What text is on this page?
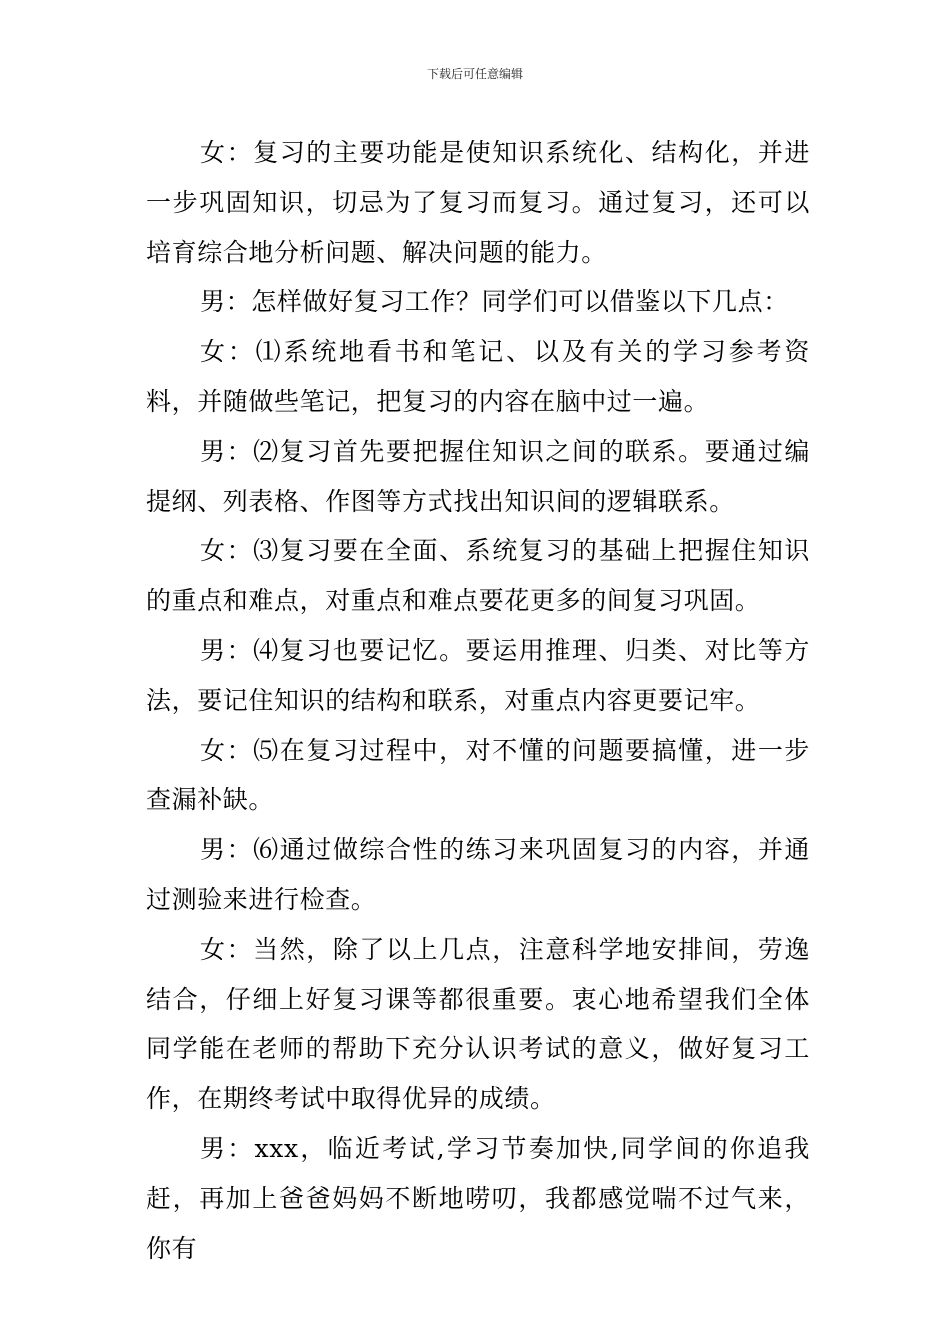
下载后可任意编辑

女：复习的主要功能是使知识系统化、结构化，并进一步巩固知识，切忌为了复习而复习。通过复习，还可以培育综合地分析问题、解决问题的能力。

男：怎样做好复习工作？同学们可以借鉴以下几点：

女：⑴系统地看书和笔记、以及有关的学习参考资料，并随做些笔记，把复习的内容在脑中过一遍。

男：⑵复习首先要把握住知识之间的联系。要通过编提纲、列表格、作图等方式找出知识间的逻辑联系。

女：⑶复习要在全面、系统复习的基础上把握住知识的重点和难点，对重点和难点要花更多的间复习巩固。

男：⑷复习也要记忆。要运用推理、归类、对比等方法，要记住知识的结构和联系，对重点内容更要记牢。

女：⑸在复习过程中，对不懂的问题要搞懂，进一步查漏补缺。

男：⑹通过做综合性的练习来巩固复习的内容，并通过测验来进行检查。

女：当然，除了以上几点，注意科学地安排间，劳逸结合，仔细上好复习课等都很重要。衷心地希望我们全体同学能在老师的帮助下充分认识考试的意义，做好复习工作，在期终考试中取得优异的成绩。

男：xxx，临近考试,学习节奏加快,同学间的你追我赶，再加上爸爸妈妈不断地唠叨，我都感觉喘不过气来，你有
